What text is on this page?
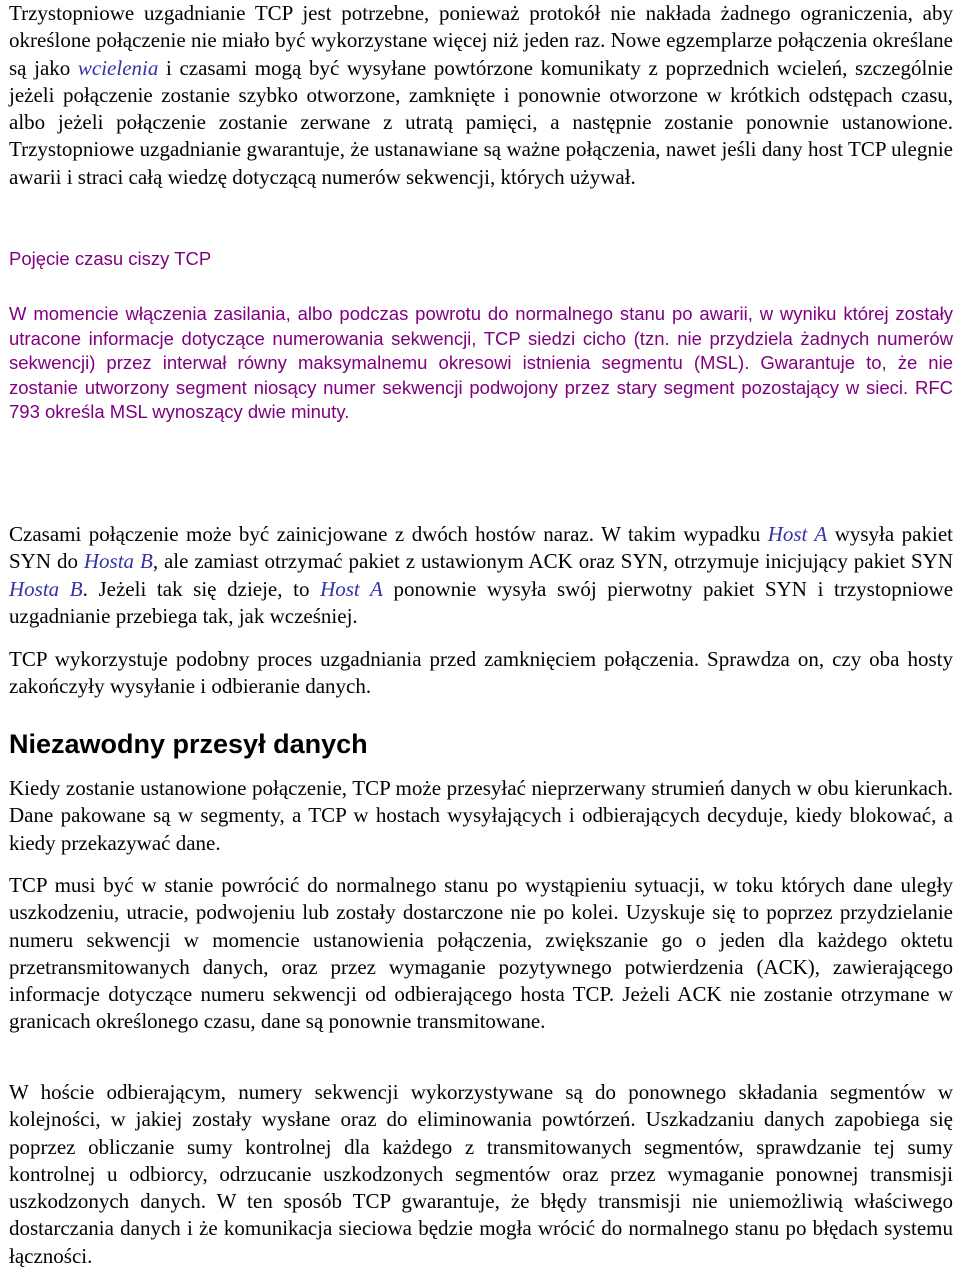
Trzystopniowe uzgadnianie TCP jest potrzebne, ponieważ protokół nie nakłada żadnego ograniczenia, aby określone połączenie nie miało być wykorzystane więcej niż jeden raz. Nowe egzemplarze połączenia określane są jako wcielenia i czasami mogą być wysyłane powtórzone komunikaty z poprzednich wcieleń, szczególnie jeżeli połączenie zostanie szybko otworzone, zamknięte i ponownie otworzone w krótkich odstępach czasu, albo jeżeli połączenie zostanie zerwane z utratą pamięci, a następnie zostanie ponownie ustanowione. Trzystopniowe uzgadnianie gwarantuje, że ustanawiane są ważne połączenia, nawet jeśli dany host TCP ulegnie awarii i straci całą wiedzę dotyczącą numerów sekwencji, których używał.

Pojęcie czasu ciszy TCP

W momencie włączenia zasilania, albo podczas powrotu do normalnego stanu po awarii, w wyniku której zostały utracone informacje dotyczące numerowania sekwencji, TCP siedzi cicho (tzn. nie przydziela żadnych numerów sekwencji) przez interwał równy maksymalnemu okresowi istnienia segmentu (MSL). Gwarantuje to, że nie zostanie utworzony segment niosący numer sekwencji podwojony przez stary segment pozostający w sieci. RFC 793 określa MSL wynoszący dwie minuty.

Czasami połączenie może być zainicjowane z dwóch hostów naraz. W takim wypadku Host A wysyła pakiet SYN do Hosta B, ale zamiast otrzymać pakiet z ustawionym ACK oraz SYN, otrzymuje inicjujący pakiet SYN Hosta B. Jeżeli tak się dzieje, to Host A ponownie wysyła swój pierwotny pakiet SYN i trzystopniowe uzgadnianie przebiega tak, jak wcześniej.

TCP wykorzystuje podobny proces uzgadniania przed zamknięciem połączenia. Sprawdza on, czy oba hosty zakończyły wysyłanie i odbieranie danych.

Niezawodny przesył danych

Kiedy zostanie ustanowione połączenie, TCP może przesyłać nieprzerwany strumień danych w obu kierunkach. Dane pakowane są w segmenty, a TCP w hostach wysyłających i odbierających decyduje, kiedy blokować, a kiedy przekazywać dane.

TCP musi być w stanie powrócić do normalnego stanu po wystąpieniu sytuacji, w toku których dane uległy uszkodzeniu, utracie, podwojeniu lub zostały dostarczone nie po kolei. Uzyskuje się to poprzez przydzielanie numeru sekwencji w momencie ustanowienia połączenia, zwiększanie go o jeden dla każdego oktetu przetransmitowanych danych, oraz przez wymaganie pozytywnego potwierdzenia (ACK), zawierającego informacje dotyczące numeru sekwencji od odbierającego hosta TCP. Jeżeli ACK nie zostanie otrzymane w granicach określonego czasu, dane są ponownie transmitowane.

W hoście odbierającym, numery sekwencji wykorzystywane są do ponownego składania segmentów w kolejności, w jakiej zostały wysłane oraz do eliminowania powtórzeń. Uszkadzaniu danych zapobiega się poprzez obliczanie sumy kontrolnej dla każdego z transmitowanych segmentów, sprawdzanie tej sumy kontrolnej u odbiorcy, odrzucanie uszkodzonych segmentów oraz przez wymaganie ponownej transmisji uszkodzonych danych. W ten sposób TCP gwarantuje, że błędy transmisji nie uniemożliwią właściwego dostarczania danych i że komunikacja sieciowa będzie mogła wrócić do normalnego stanu po błędach systemu łączności.
